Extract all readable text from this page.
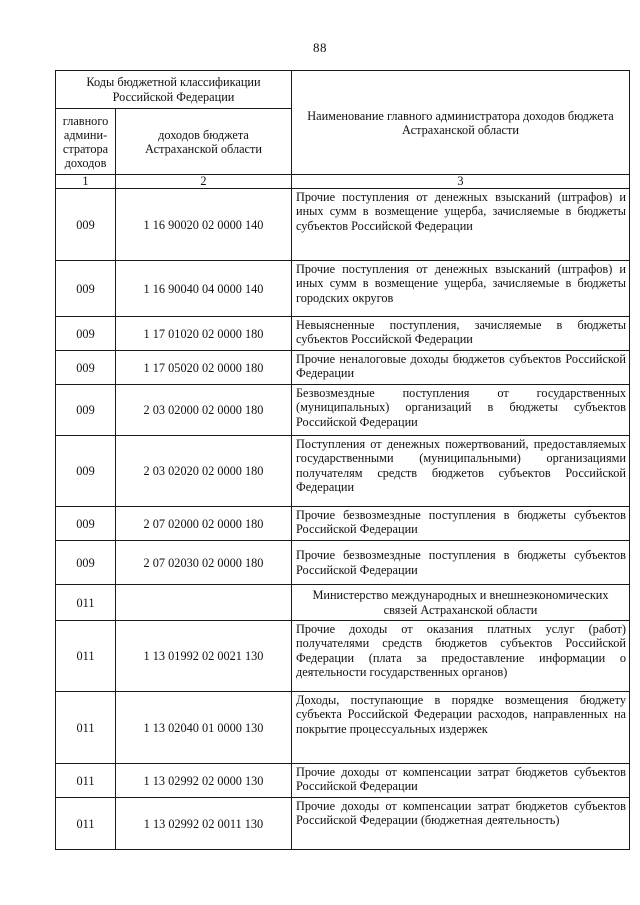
88
Коды бюджетной классификации Российской Федерации		Наименование главного администратора доходов бюджета Астраханской области
главного админи-стратора доходов	доходов бюджета Астраханской области	
1	2	3
009	1 16 90020 02 0000 140	Прочие поступления от денежных взысканий (штрафов) и иных сумм в возмещение ущерба, зачисляемые в бюджеты субъектов Российской Федерации
009	1 16 90040 04 0000 140	Прочие поступления от денежных взысканий (штрафов) и иных сумм в возмещение ущерба, зачисляемые в бюджеты городских округов
009	1 17 01020 02 0000 180	Невыясненные поступления, зачисляемые в бюджеты субъектов Российской Федерации
009	1 17 05020 02 0000 180	Прочие неналоговые доходы бюджетов субъектов Российской Федерации
009	2 03 02000 02 0000 180	Безвозмездные поступления от государственных (муниципальных) организаций в бюджеты субъектов Российской Федерации
009	2 03 02020 02 0000 180	Поступления от денежных пожертвований, предоставляемых государственными (муниципальными) организациями получателям средств бюджетов субъектов Российской Федерации
009	2 07 02000 02 0000 180	Прочие безвозмездные поступления в бюджеты субъектов Российской Федерации
009	2 07 02030 02 0000 180	Прочие безвозмездные поступления в бюджеты субъектов Российской Федерации
011		Министерство международных и внешнеэкономических связей Астраханской области
011	1 13 01992 02 0021 130	Прочие доходы от оказания платных услуг (работ) получателями средств бюджетов субъектов Российской Федерации (плата за предоставление информации о деятельности государственных органов)
011	1 13 02040 01 0000 130	Доходы, поступающие в порядке возмещения бюджету субъекта Российской Федерации расходов, направленных на покрытие процессуальных издержек
011	1 13 02992 02 0000 130	Прочие доходы от компенсации затрат бюджетов субъектов Российской Федерации
011	1 13 02992 02 0011 130	Прочие доходы от компенсации затрат бюджетов субъектов Российской Федерации (бюджетная деятельность)
